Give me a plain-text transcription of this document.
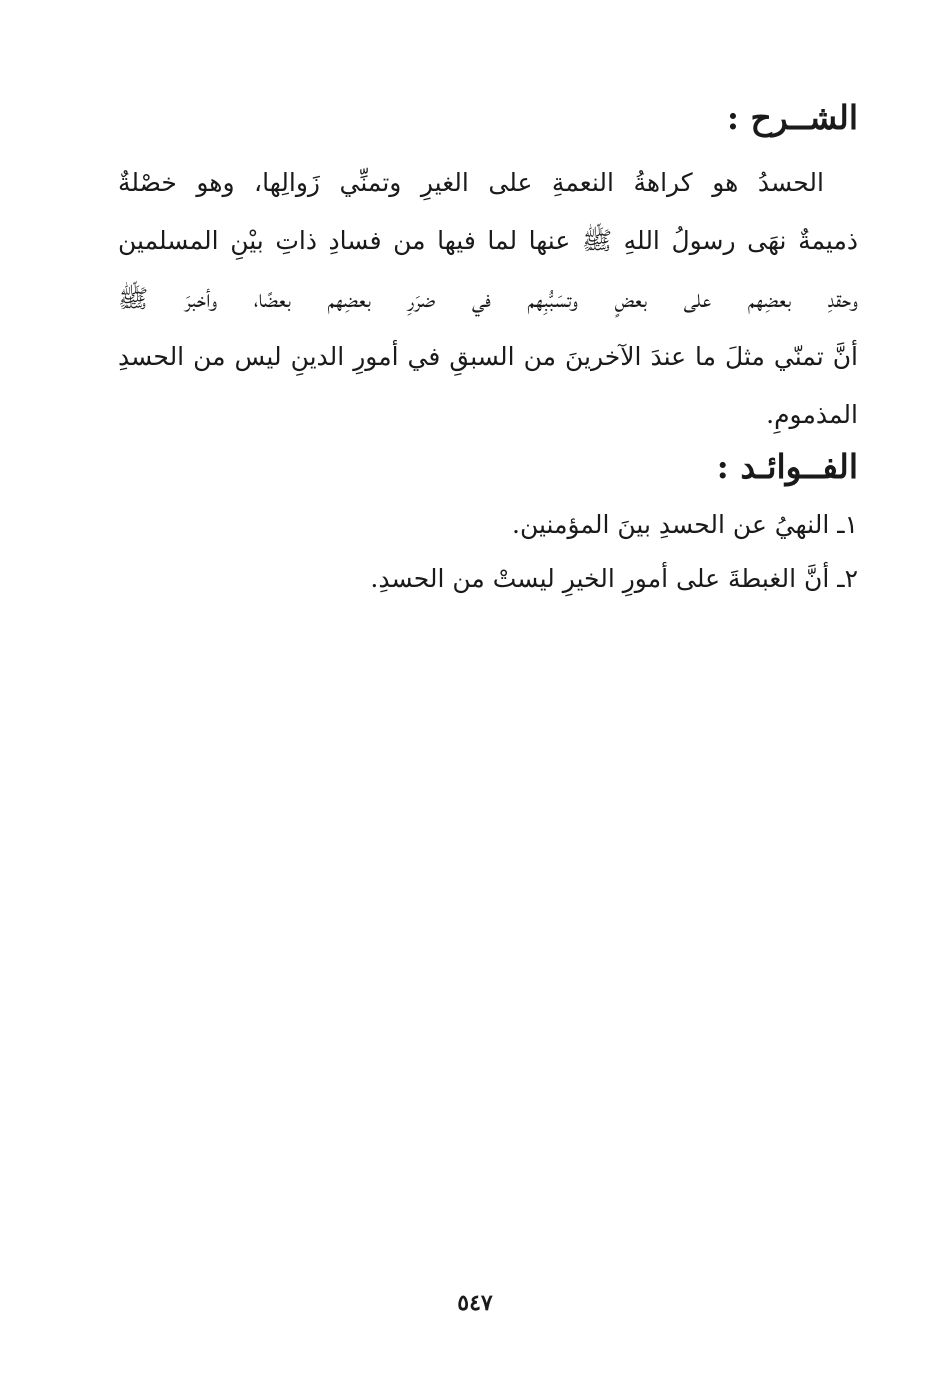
الشــرح :
الحسدُ هو كراهةُ النعمةِ على الغيرِ وتمنِّي زَوالِها، وهو خصْلةٌ
ذميمةٌ نهَى رسولُ اللهِ ﷺ عنها لما فيها من فسادِ ذاتِ بيْنِ المسلمين
وحقدِ بعضِهم على بعضٍ وتسَبُّبِهم في ضرَرِ بعضِهم بعضًا، وأخبرَ ﷺ
أنَّ تمنّي مثلَ ما عندَ الآخرينَ من السبقِ في أمورِ الدينِ ليس من الحسدِ
المذمومِ.
الفــوائـد :
١ـ النهيُ عن الحسدِ بينَ المؤمنين.
٢ـ أنَّ الغبطةَ على أمورِ الخيرِ ليستْ من الحسدِ.
٥٤٧
